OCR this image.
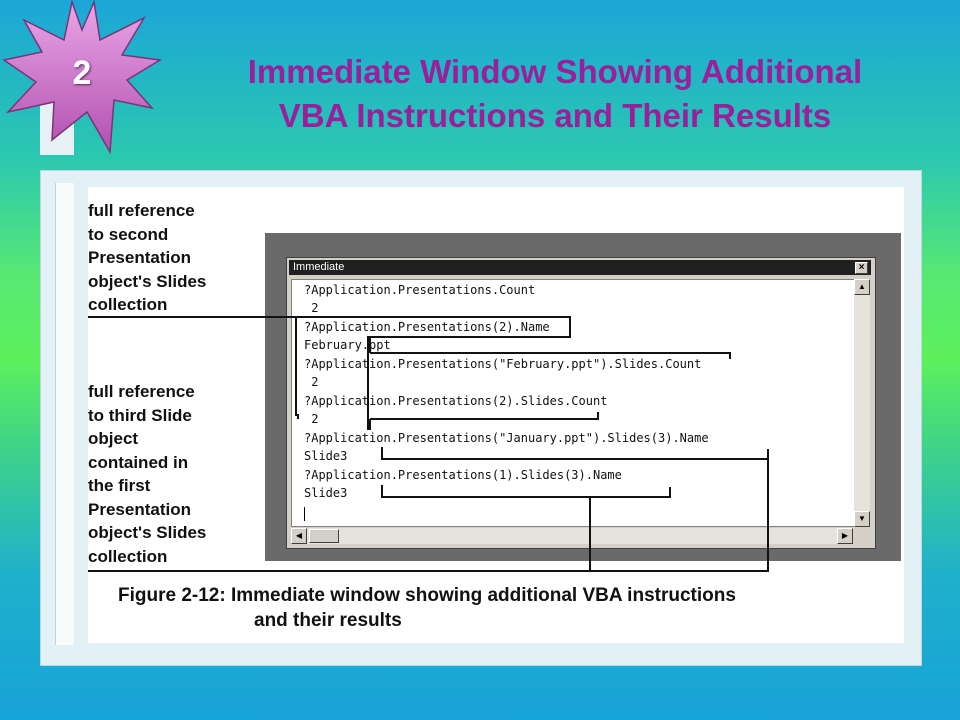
2	Immediate Window Showing Additional
VBA Instructions and Their Results
full reference
to second
Presentation
object's Slides
collection
full reference
to third Slide
object
contained in
the first
Presentation
object's Slides
collection
Immediate	×
?Application.Presentations.Count
2
?Application.Presentations(2).Name
February.ppt
?Application.Presentations("February.ppt").Slides.Count
2
?Application.Presentations(2).Slides.Count
2
?Application.Presentations("January.ppt").Slides(3).Name
Slide3
?Application.Presentations(1).Slides(3).Name
Slide3
▲
▼
◀	▶
Figure 2-12: Immediate window showing additional VBA instructions
and their results
